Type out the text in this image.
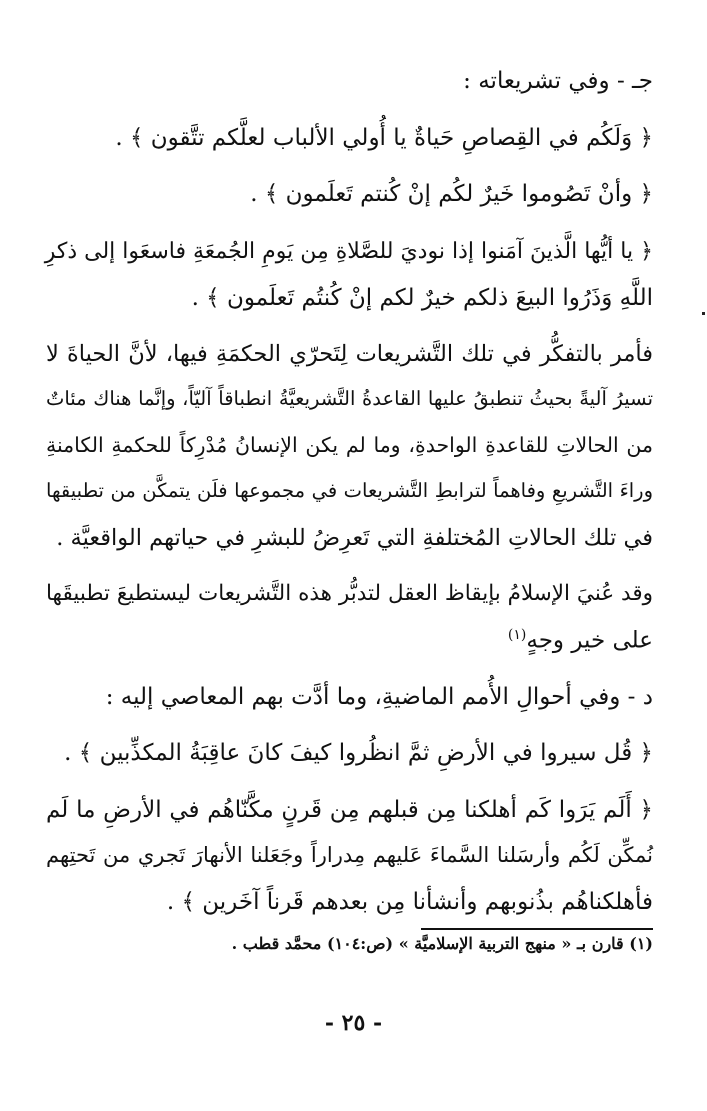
جـ - وفي تشريعاته :

﴿ وَلَكُم في القِصاصِ حَياةٌ يا أُولي الألباب لعلَّكم تتَّقون ﴾ .

﴿ وأنْ تَصُوموا خَيرٌ لكُم إنْ كُنتم تَعلَمون ﴾ .

﴿ يا أيُّها الَّذينَ آمَنوا إذا نوديَ للصَّلاةِ مِن يَومِ الجُمعَةِ فاسعَوا إلى ذكرِ

اللَّهِ وَذَرُوا البيعَ ذلكم خيرٌ لكم إنْ كُنتُم تَعلَمون ﴾ .

فأمر بالتفكُّر في تلك التَّشريعات لِتَحرّي الحكمَةِ فيها، لأنَّ الحياةَ لا

تسيرُ آليةً بحيثُ تنطبقُ عليها القاعدةُ التَّشريعيَّةُ انطباقاً آليّاً، وإنَّما هناك مئاتٌ

من الحالاتِ للقاعدةِ الواحدةِ، وما لم يكن الإنسانُ مُدْرِكاً للحكمةِ الكامنةِ

وراءَ التَّشريعِ وفاهماً لترابطِ التَّشريعات في مجموعها فلَن يتمكَّن من تطبيقها

في تلك الحالاتِ المُختلفةِ التي تَعرِضُ للبشرِ في حياتهم الواقعيَّة .

وقد عُنيَ الإسلامُ بإيقاظ العقل لتدبُّر هذه التَّشريعات ليستطيعَ تطبيقَها

على خير وجهٍ$^{(١)}$

د - وفي أحوالِ الأُمم الماضيةِ، وما أدَّت بهم المعاصي إليه :

﴿ قُل سيروا في الأرضِ ثمَّ انظُروا كيفَ كانَ عاقِبَةُ المكذِّبين ﴾ .

﴿ أَلَم يَرَوا كَم أهلكنا مِن قبلهم مِن قَرنٍ مكَّنّاهُم في الأرضِ ما لَم

نُمكِّن لَكُم وأرسَلنا السَّماءَ عَليهم مِدراراً وجَعَلنا الأنهارَ تَجري من تَحتِهم

فأهلكناهُم بذُنوبهم وأنشأنا مِن بعدهم قَرناً آخَرين ﴾ .

(١) قارن بـ « منهج التربية الإسلاميَّة » (ص:١٠٤) محمَّد قطب .

- ٢٥ -
